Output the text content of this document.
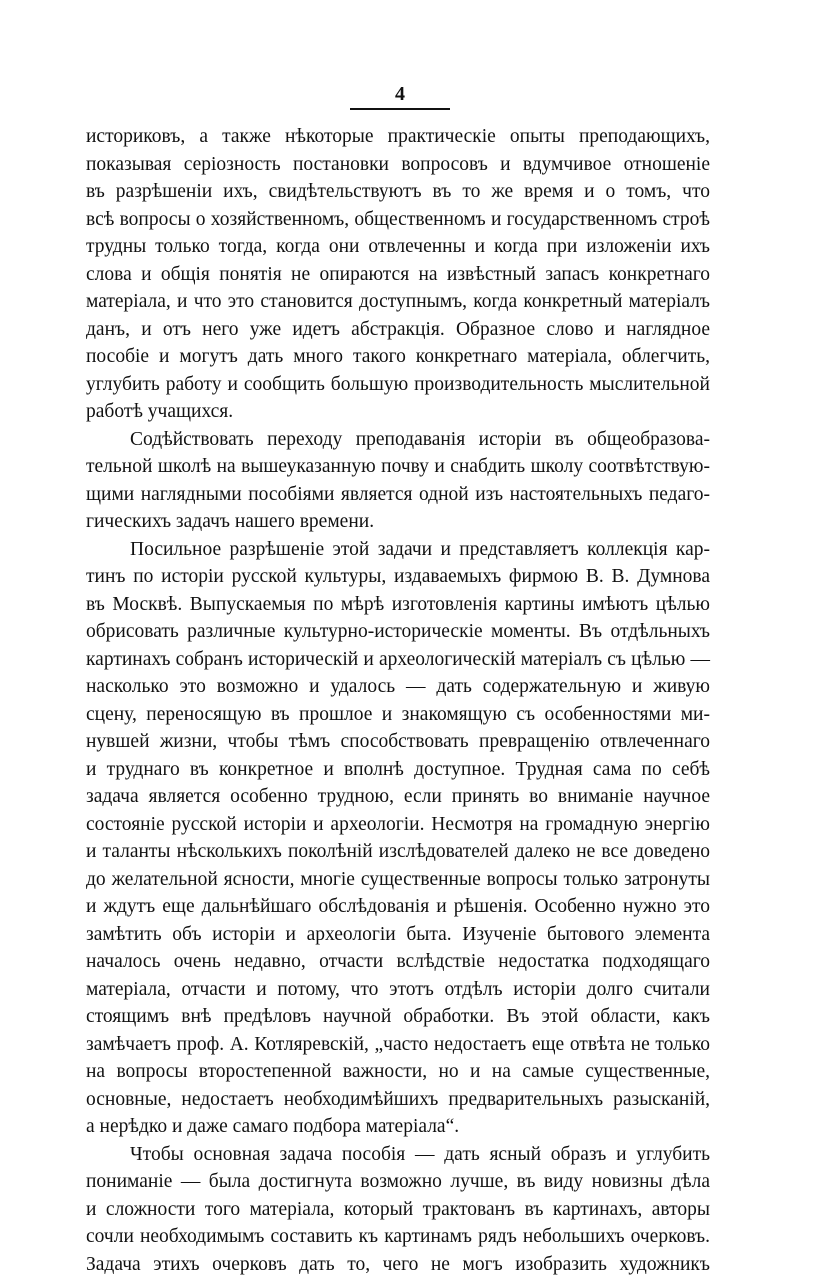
4
историковъ, а также нѣкоторые практическіе опыты преподающихъ,
показывая серіозность постановки вопросовъ и вдумчивое отношеніе
въ разрѣшеніи ихъ, свидѣтельствуютъ въ то же время и о томъ, что
всѣ вопросы о хозяйственномъ, общественномъ и государственномъ строѣ
трудны только тогда, когда они отвлеченны и когда при изложеніи ихъ
слова и общія понятія не опираются на извѣстный запасъ конкретнаго
матеріала, и что это становится доступнымъ, когда конкретный матеріалъ
данъ, и отъ него уже идетъ абстракція. Образное слово и наглядное
пособіе и могутъ дать много такого конкретнаго матеріала, облегчить,
углубить работу и сообщить большую производительность мыслительной
работѣ учащихся.
Содѣйствовать переходу преподаванія исторіи въ общеобразова-
тельной школѣ на вышеуказанную почву и снабдить школу соотвѣтствую-
щими наглядными пособіями является одной изъ настоятельныхъ педаго-
гическихъ задачъ нашего времени.
Посильное разрѣшеніе этой задачи и представляетъ коллекція кар-
тинъ по исторіи русской культуры, издаваемыхъ фирмою В. В. Думнова
въ Москвѣ. Выпускаемыя по мѣрѣ изготовленія картины имѣютъ цѣлью
обрисовать различные культурно-историческіе моменты. Въ отдѣльныхъ
картинахъ собранъ историческій и археологическій матеріалъ съ цѣлью —
насколько это возможно и удалось — дать содержательную и живую
сцену, переносящую въ прошлое и знакомящую съ особенностями ми-
нувшей жизни, чтобы тѣмъ способствовать превращенію отвлеченнаго
и труднаго въ конкретное и вполнѣ доступное. Трудная сама по себѣ
задача является особенно трудною, если принять во вниманіе научное
состояніе русской исторіи и археологіи. Несмотря на громадную энергію
и таланты нѣсколькихъ поколѣній изслѣдователей далеко не все доведено
до желательной ясности, многіе существенные вопросы только затронуты
и ждутъ еще дальнѣйшаго обслѣдованія и рѣшенія. Особенно нужно это
замѣтить объ исторіи и археологіи быта. Изученіе бытового элемента
началось очень недавно, отчасти вслѣдствіе недостатка подходящаго
матеріала, отчасти и потому, что этотъ отдѣлъ исторіи долго считали
стоящимъ внѣ предѣловъ научной обработки. Въ этой области, какъ
замѣчаетъ проф. А. Котляревскій, „часто недостаетъ еще отвѣта не только
на вопросы второстепенной важности, но и на самые существенные,
основные, недостаетъ необходимѣйшихъ предварительныхъ разысканій,
а нерѣдко и даже самаго подбора матеріала“.
Чтобы основная задача пособія — дать ясный образъ и углубить
пониманіе — была достигнута возможно лучше, въ виду новизны дѣла
и сложности того матеріала, который трактованъ въ картинахъ, авторы
сочли необходимымъ составить къ картинамъ рядъ небольшихъ очерковъ.
Задача этихъ очерковъ дать то, чего не могъ изобразить художникъ
